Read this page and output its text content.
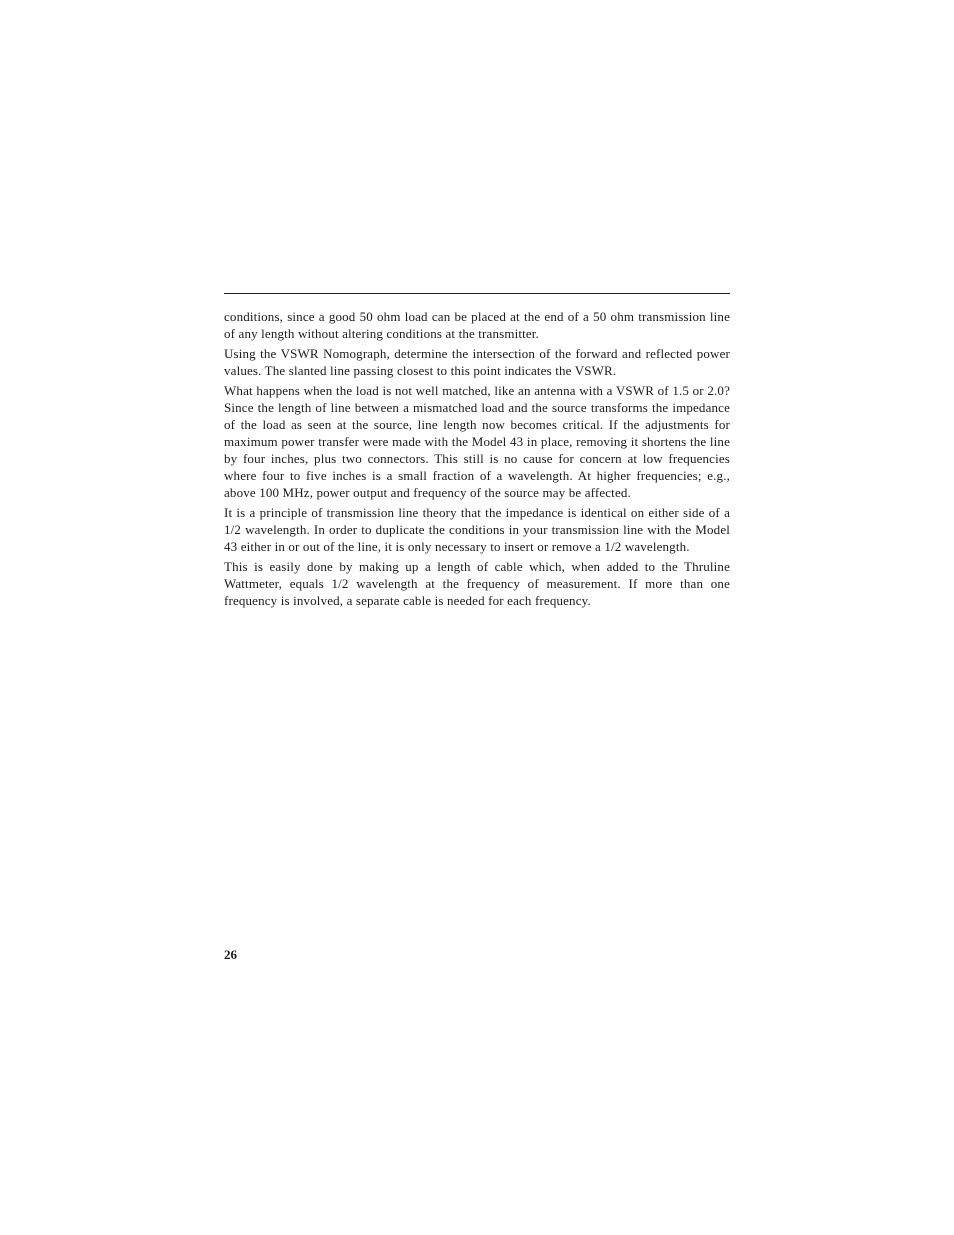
conditions, since a good 50 ohm load can be placed at the end of a 50 ohm transmission line of any length without altering conditions at the transmitter.

Using the VSWR Nomograph, determine the intersection of the forward and reflected power values. The slanted line passing closest to this point indicates the VSWR.

What happens when the load is not well matched, like an antenna with a VSWR of 1.5 or 2.0? Since the length of line between a mismatched load and the source transforms the impedance of the load as seen at the source, line length now becomes critical. If the adjustments for maximum power transfer were made with the Model 43 in place, removing it shortens the line by four inches, plus two connectors. This still is no cause for concern at low frequencies where four to five inches is a small fraction of a wavelength. At higher frequencies; e.g., above 100 MHz, power output and frequency of the source may be affected.

It is a principle of transmission line theory that the impedance is identical on either side of a 1/2 wavelength. In order to duplicate the conditions in your transmission line with the Model 43 either in or out of the line, it is only necessary to insert or remove a 1/2 wavelength.

This is easily done by making up a length of cable which, when added to the Thruline Wattmeter, equals 1/2 wavelength at the frequency of measurement. If more than one frequency is involved, a separate cable is needed for each frequency.

26
